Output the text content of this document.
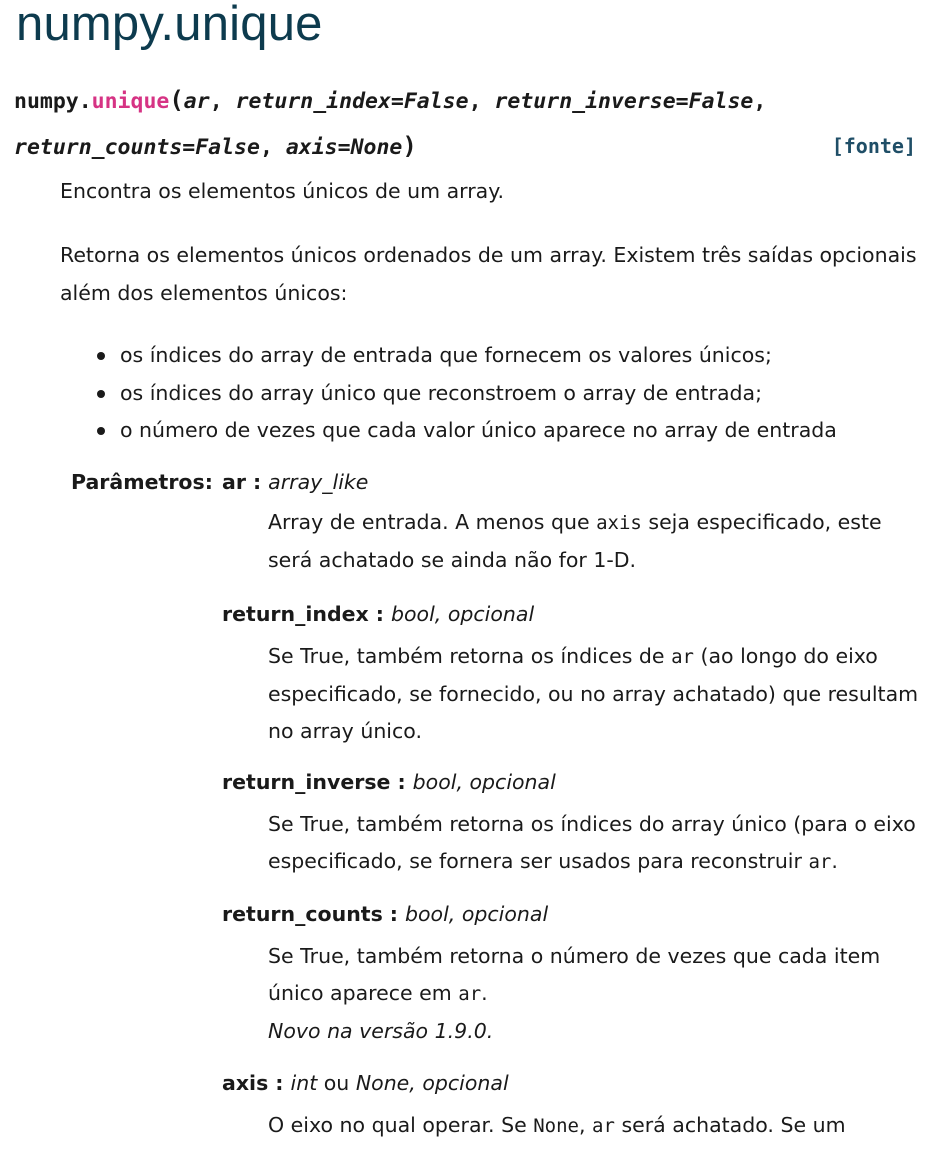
numpy.unique
numpy.unique(ar, return_index=False, return_inverse=False,
return_counts=False, axis=None)	[fonte]

Encontra os elementos únicos de um array.

Retorna os elementos únicos ordenados de um array. Existem três saídas opcionais além dos elementos únicos:

os índices do array de entrada que fornecem os valores únicos;
os índices do array único que reconstroem o array de entrada;
o número de vezes que cada valor único aparece no array de entrada
Parâmetros: ar : array_like

Array de entrada. A menos que axis seja especificado, este será achatado se ainda não for 1-D.

return_index : bool, opcional

Se True, também retorna os índices de ar (ao longo do eixo especificado, se fornecido, ou no array achatado) que resultam no array único.

return_inverse : bool, opcional

Se True, também retorna os índices do array único (para o eixo especificado, se fornera ser usados para reconstruir ar.

return_counts : bool, opcional

Se True, também retorna o número de vezes que cada item único aparece em ar.
Novo na versão 1.9.0.

axis : int ou None, opcional

O eixo no qual operar. Se None, ar será achatado. Se um
